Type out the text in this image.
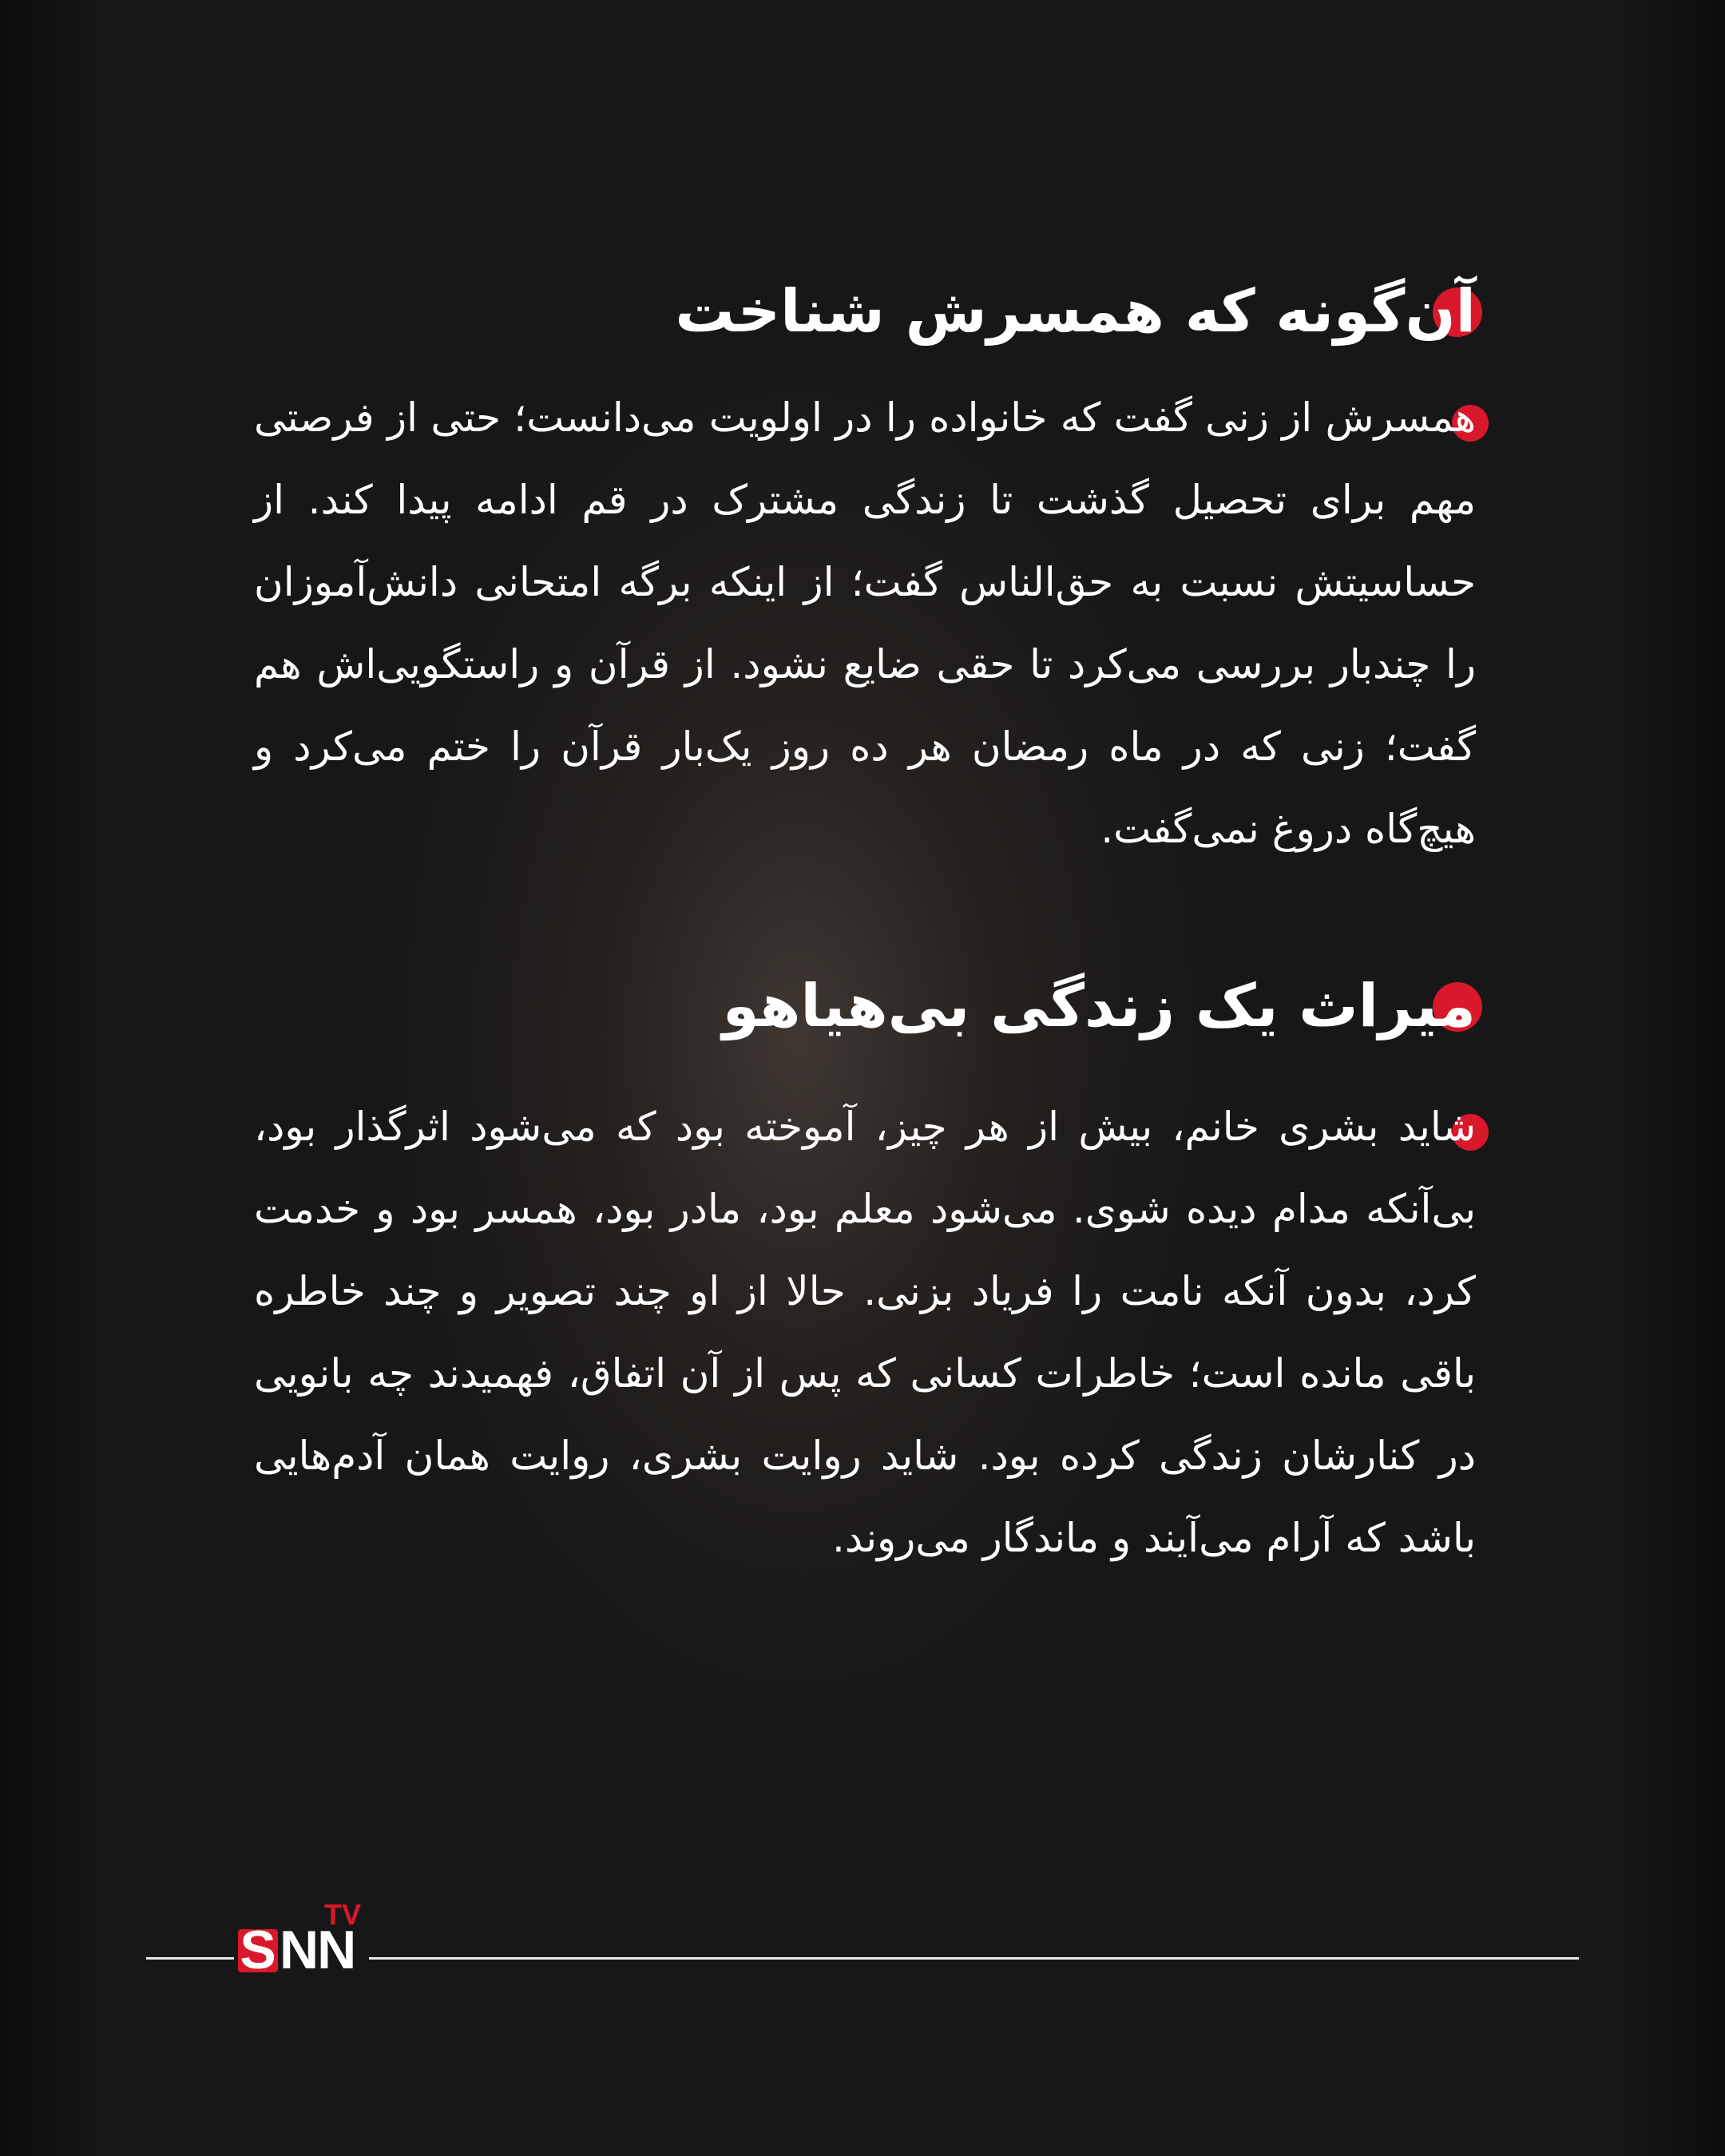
آن‌گونه که همسرش شناخت

همسرش از زنی گفت که خانواده را در اولویت می‌دانست؛ حتی از فرصتی مهم برای تحصیل گذشت تا زندگی مشترک در قم ادامه پیدا کند. از حساسیتش نسبت به حق‌الناس گفت؛ از اینکه برگه امتحانی دانش‌آموزان را چندبار بررسی می‌کرد تا حقی ضایع نشود. از قرآن و راستگویی‌اش هم گفت؛ زنی که در ماه رمضان هر ده روز یک‌بار قرآن را ختم می‌کرد و هیچ‌گاه دروغ نمی‌گفت.

میراث یک زندگی بی‌هیاهو

شاید بشری خانم، بیش از هر چیز، آموخته بود که می‌شود اثرگذار بود، بی‌آنکه مدام دیده شوی. می‌شود معلم بود، مادر بود، همسر بود و خدمت کرد، بدون آنکه نامت را فریاد بزنی. حالا از او چند تصویر و چند خاطره باقی مانده است؛ خاطرات کسانی که پس از آن اتفاق، فهمیدند چه بانویی در کنارشان زندگی کرده بود. شاید روایت بشری، روایت همان آدم‌هایی باشد که آرام می‌آیند و ماندگار می‌روند.

S NN
TV
